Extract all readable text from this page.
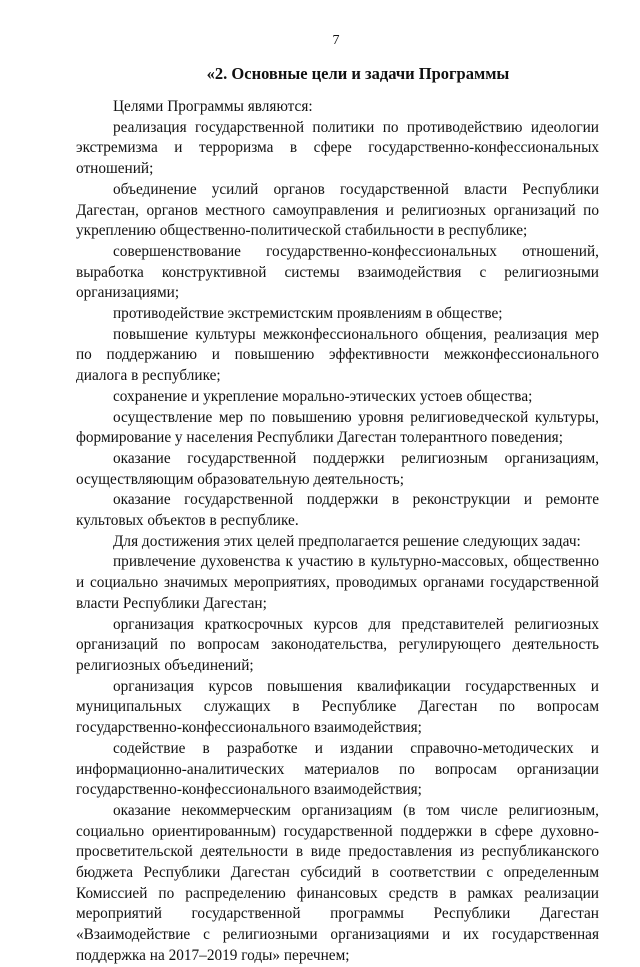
7
«2. Основные цели и задачи Программы

Целями Программы являются:

реализация государственной политики по противодействию идеологии экстремизма и терроризма в сфере государственно-конфессиональных отношений;

объединение усилий органов государственной власти Республики Дагестан, органов местного самоуправления и религиозных организаций по укреплению общественно-политической стабильности в республике;

совершенствование государственно-конфессиональных отношений, выработка конструктивной системы взаимодействия с религиозными организациями;

противодействие экстремистским проявлениям в обществе;

повышение культуры межконфессионального общения, реализация мер по поддержанию и повышению эффективности межконфессионального диалога в республике;

сохранение и укрепление морально-этических устоев общества;

осуществление мер по повышению уровня религиоведческой культуры, формирование у населения Республики Дагестан толерантного поведения;

оказание государственной поддержки религиозным организациям, осуществляющим образовательную деятельность;

оказание государственной поддержки в реконструкции и ремонте культовых объектов в республике.

Для достижения этих целей предполагается решение следующих задач:

привлечение духовенства к участию в культурно-массовых, общественно и социально значимых мероприятиях, проводимых органами государственной власти Республики Дагестан;

организация краткосрочных курсов для представителей религиозных организаций по вопросам законодательства, регулирующего деятельность религиозных объединений;

организация курсов повышения квалификации государственных и муниципальных служащих в Республике Дагестан по вопросам государственно-конфессионального взаимодействия;

содействие в разработке и издании справочно-методических и информационно-аналитических материалов по вопросам организации государственно-конфессионального взаимодействия;

оказание некоммерческим организациям (в том числе религиозным, социально ориентированным) государственной поддержки в сфере духовно-просветительской деятельности в виде предоставления из республиканского бюджета Республики Дагестан субсидий в соответствии с определенным Комиссией по распределению финансовых средств в рамках реализации мероприятий государственной программы Республики Дагестан «Взаимодействие с религиозными организациями и их государственная поддержка на 2017–2019 годы» перечнем;
